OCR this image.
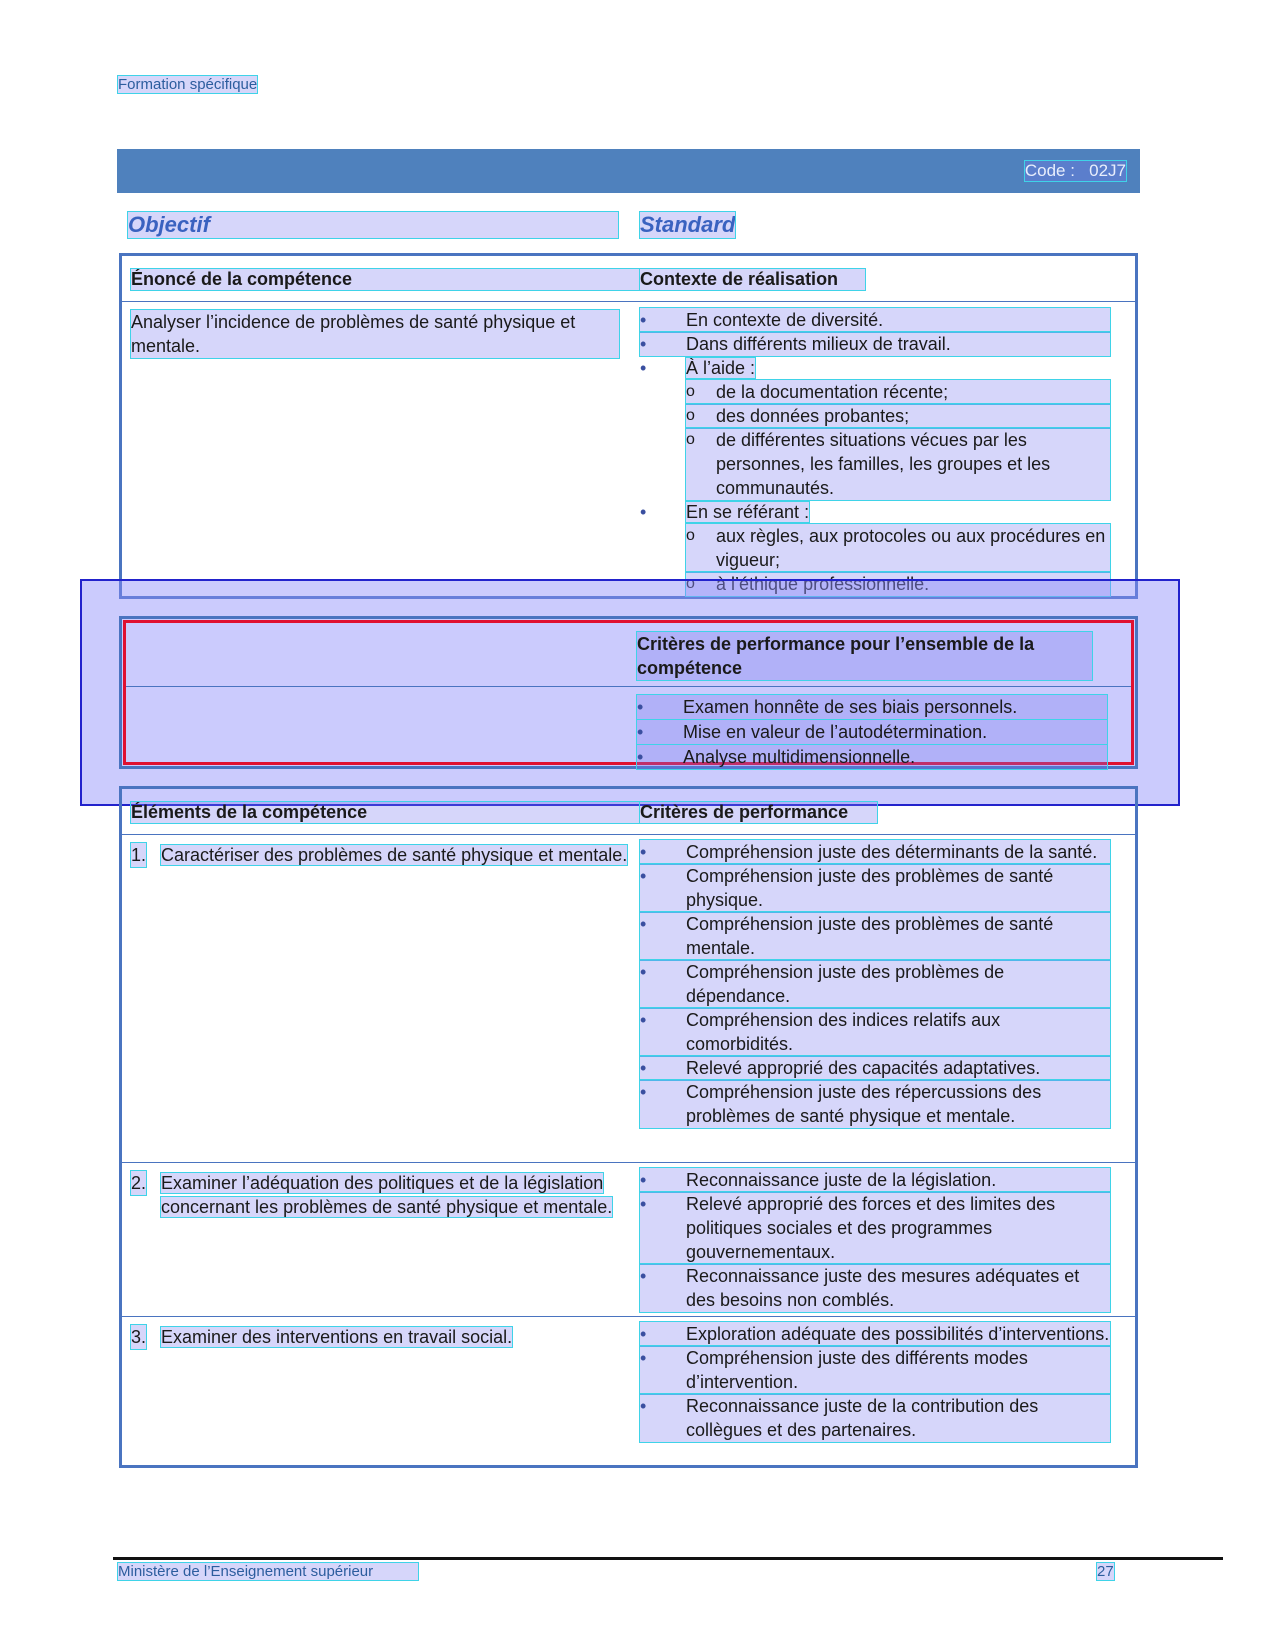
Formation spécifique
Code : 02J7
Objectif	Standard
Énoncé de la compétence	Contexte de réalisation
Analyser l’incidence de problèmes de santé physique et mentale.
• En contexte de diversité.
• Dans différents milieux de travail.
• À l’aide :
o de la documentation récente;
o des données probantes;
o de différentes situations vécues par les personnes, les familles, les groupes et les communautés.
• En se référant :
o aux règles, aux protocoles ou aux procédures en vigueur;
o à l’éthique professionnelle.
Critères de performance pour l’ensemble de la compétence
• Examen honnête de ses biais personnels.
• Mise en valeur de l’autodétermination.
• Analyse multidimensionnelle.
Éléments de la compétence	Critères de performance
1. Caractériser des problèmes de santé physique et mentale.	• Compréhension juste des déterminants de la santé.
• Compréhension juste des problèmes de santé physique.
• Compréhension juste des problèmes de santé mentale.
• Compréhension juste des problèmes de dépendance.
• Compréhension des indices relatifs aux comorbidités.
• Relevé approprié des capacités adaptatives.
• Compréhension juste des répercussions des problèmes de santé physique et mentale.
2. Examiner l’adéquation des politiques et de la législation concernant les problèmes de santé physique et mentale.
• Reconnaissance juste de la législation.
• Relevé approprié des forces et des limites des politiques sociales et des programmes gouvernementaux.
• Reconnaissance juste des mesures adéquates et des besoins non comblés.
3. Examiner des interventions en travail social.	• Exploration adéquate des possibilités d’interventions.
• Compréhension juste des différents modes d’intervention.
• Reconnaissance juste de la contribution des collègues et des partenaires.
Ministère de l’Enseignement supérieur	27
